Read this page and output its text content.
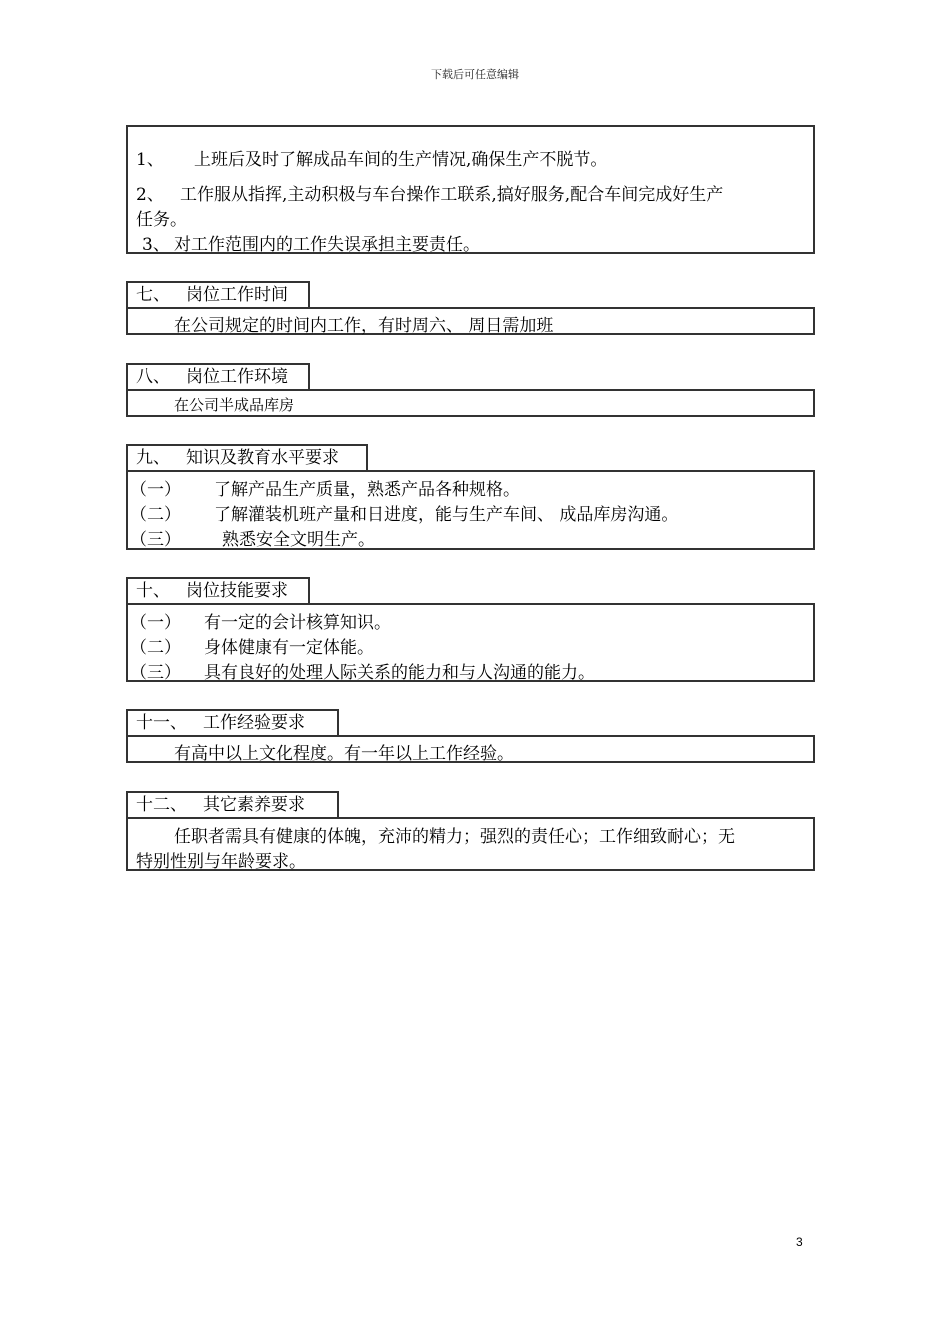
下载后可任意编辑
1、 上班后及时了解成品车间的生产情况,确保生产不脱节。
2、 工作服从指挥,主动积极与车台操作工联系,搞好服务,配合车间完成好生产
任务。
3、 对工作范围内的工作失误承担主要责任。
七、 岗位工作时间
在公司规定的时间内工作，有时周六、 周日需加班
八、 岗位工作环境
在公司半成品库房
九、 知识及教育水平要求
（一） 了解产品生产质量，熟悉产品各种规格。
（二） 了解灌装机班产量和日进度，能与生产车间、 成品库房沟通。
（三） 熟悉安全文明生产。
十、 岗位技能要求
（一） 有一定的会计核算知识。
（二） 身体健康有一定体能。
（三） 具有良好的处理人际关系的能力和与人沟通的能力。
十一、 工作经验要求
有高中以上文化程度。有一年以上工作经验。
十二、 其它素养要求
任职者需具有健康的体魄，充沛的精力；强烈的责任心；工作细致耐心；无
特别性别与年龄要求。
3
